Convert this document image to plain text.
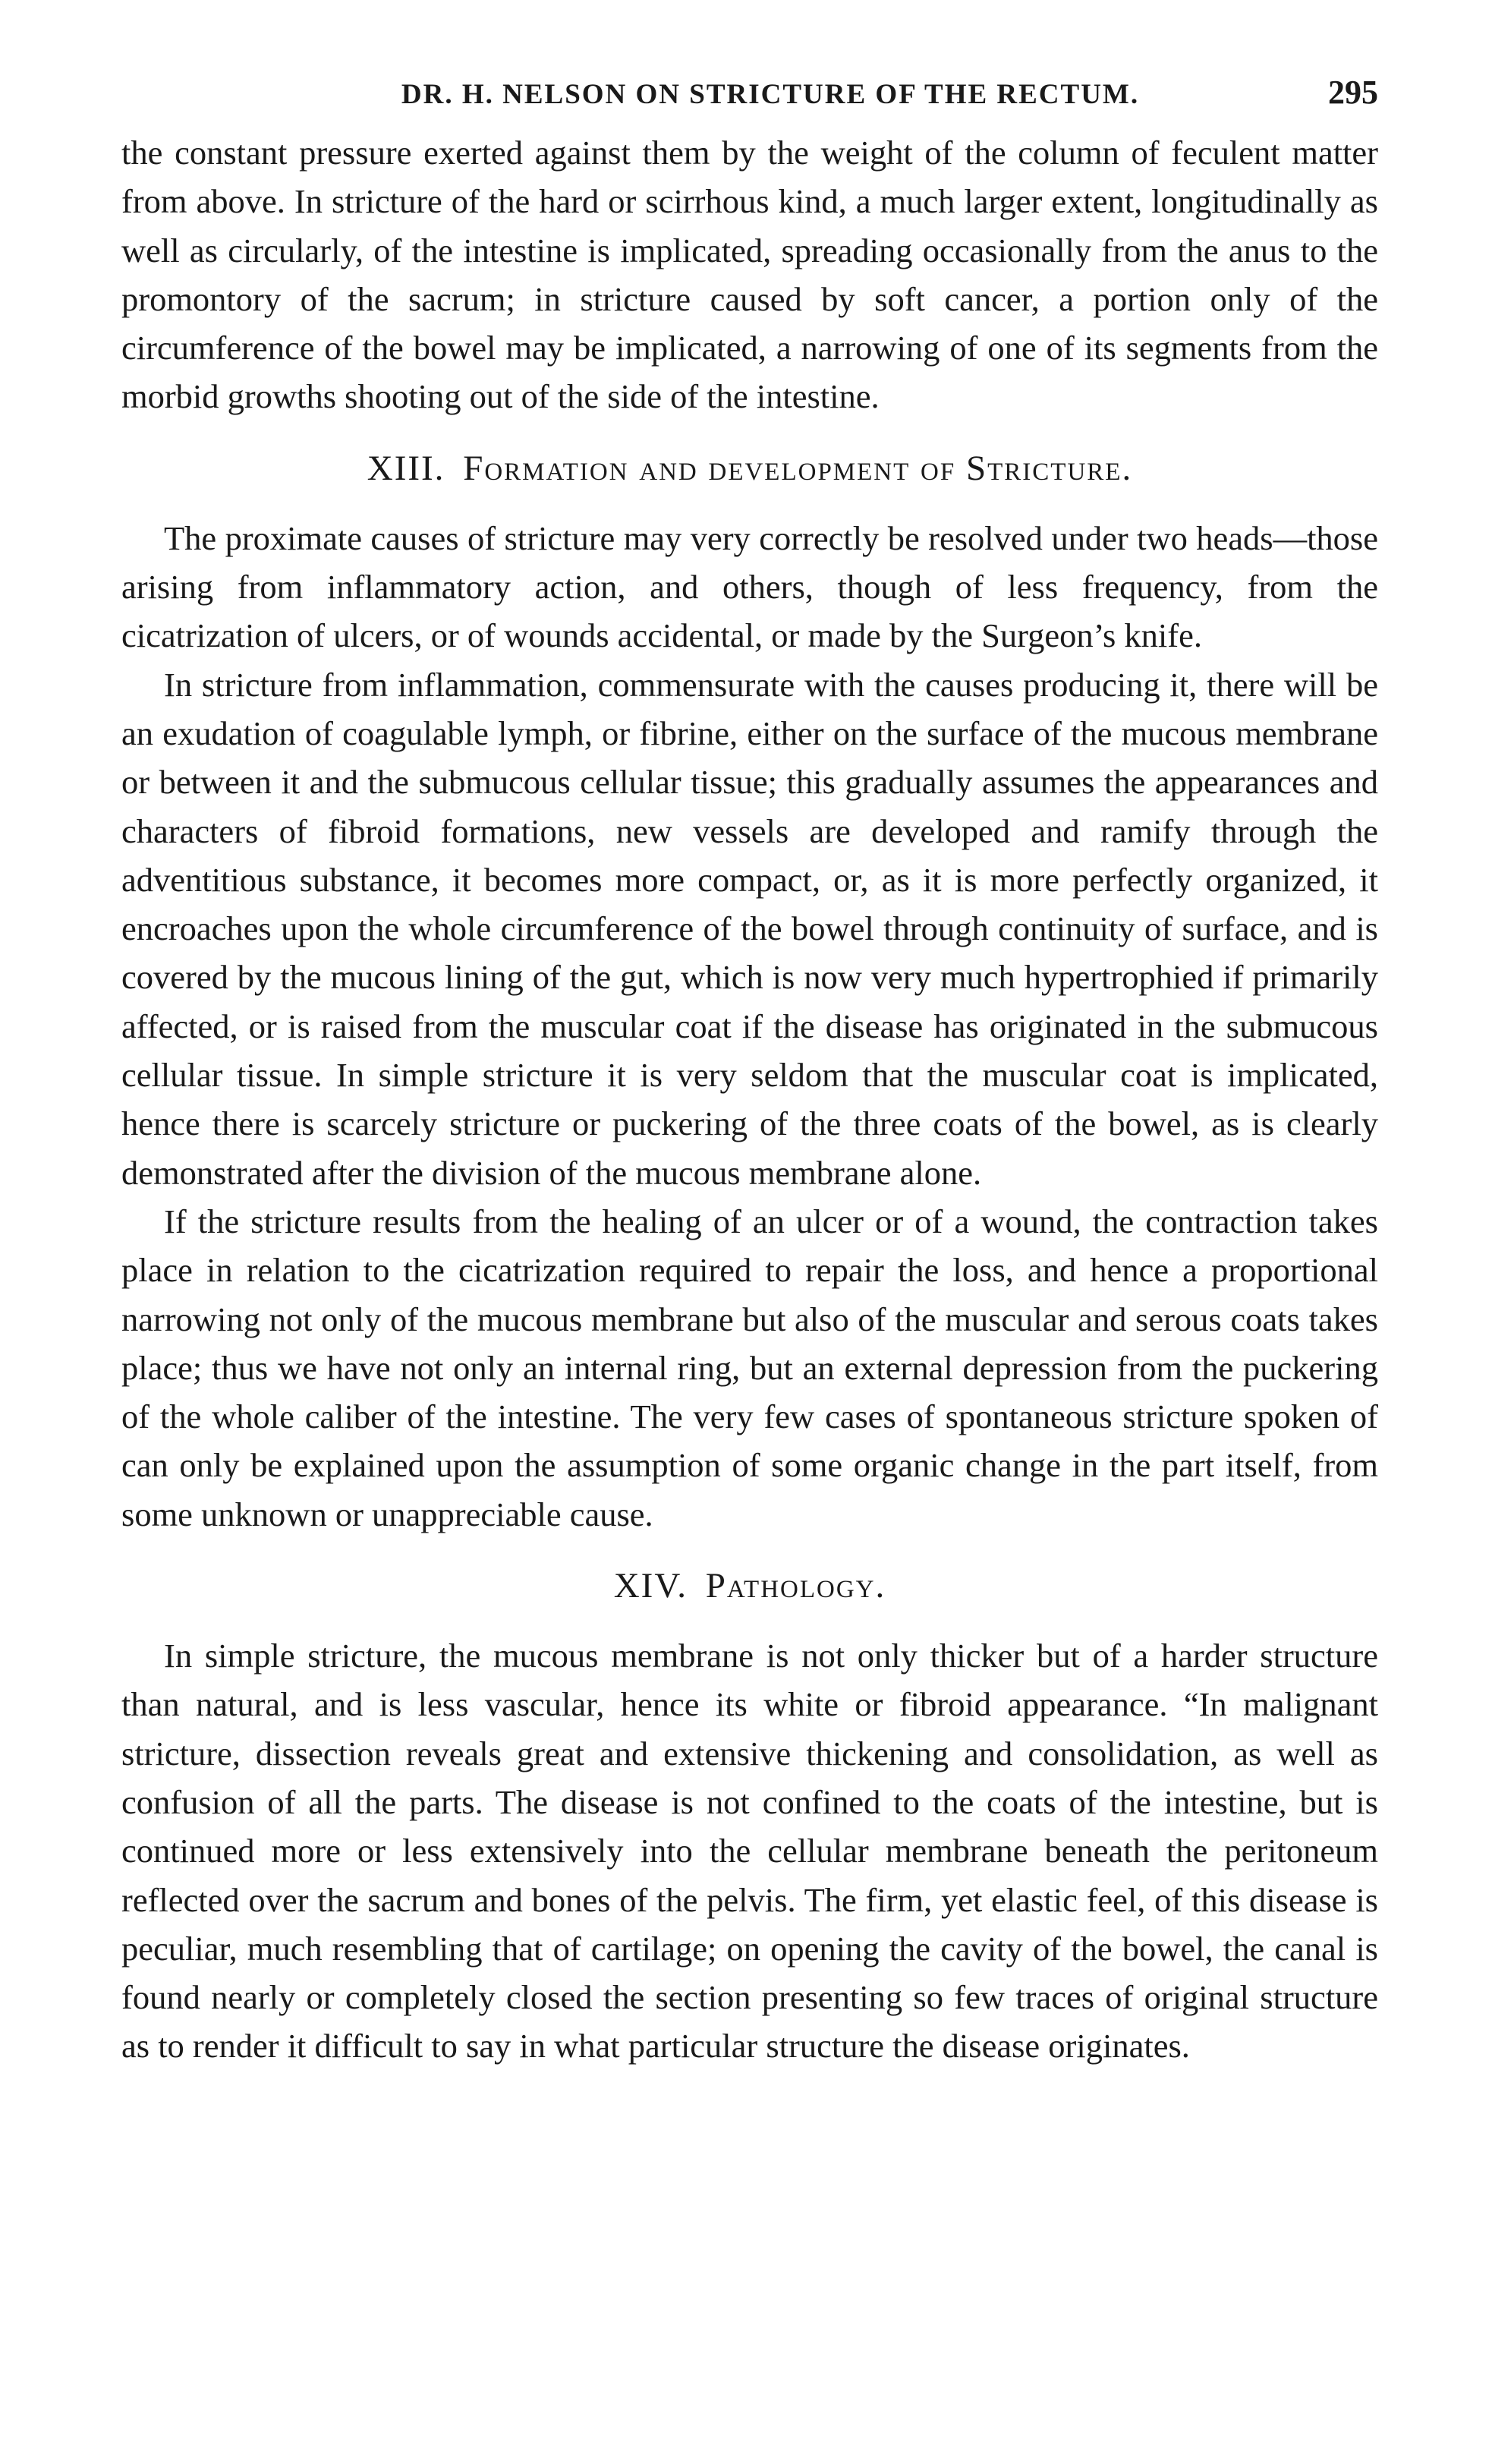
DR. H. NELSON ON STRICTURE OF THE RECTUM.	295

the constant pressure exerted against them by the weight of the column of feculent matter from above. In stricture of the hard or scirrhous kind, a much larger extent, longitudinally as well as circularly, of the intestine is implicated, spreading occasionally from the anus to the promontory of the sacrum; in stricture caused by soft cancer, a portion only of the circumference of the bowel may be implicated, a narrowing of one of its segments from the morbid growths shooting out of the side of the intestine.

XIII. Formation and development of Stricture.

The proximate causes of stricture may very correctly be resolved under two heads—those arising from inflammatory action, and others, though of less frequency, from the cicatrization of ulcers, or of wounds accidental, or made by the Surgeon’s knife.

In stricture from inflammation, commensurate with the causes producing it, there will be an exudation of coagulable lymph, or fibrine, either on the surface of the mucous membrane or between it and the submucous cellular tissue; this gradually assumes the appearances and characters of fibroid formations, new vessels are developed and ramify through the adventitious substance, it becomes more compact, or, as it is more perfectly organized, it encroaches upon the whole circumference of the bowel through continuity of surface, and is covered by the mucous lining of the gut, which is now very much hypertrophied if primarily affected, or is raised from the muscular coat if the disease has originated in the submucous cellular tissue. In simple stricture it is very seldom that the muscular coat is implicated, hence there is scarcely stricture or puckering of the three coats of the bowel, as is clearly demonstrated after the division of the mucous membrane alone.

If the stricture results from the healing of an ulcer or of a wound, the contraction takes place in relation to the cicatrization required to repair the loss, and hence a proportional narrowing not only of the mucous membrane but also of the muscular and serous coats takes place; thus we have not only an internal ring, but an external depression from the puckering of the whole caliber of the intestine. The very few cases of spontaneous stricture spoken of can only be explained upon the assumption of some organic change in the part itself, from some unknown or unappreciable cause.

XIV. Pathology.

In simple stricture, the mucous membrane is not only thicker but of a harder structure than natural, and is less vascular, hence its white or fibroid appearance. “In malignant stricture, dissection reveals great and extensive thickening and consolidation, as well as confusion of all the parts. The disease is not confined to the coats of the intestine, but is continued more or less extensively into the cellular membrane beneath the peritoneum reflected over the sacrum and bones of the pelvis. The firm, yet elastic feel, of this disease is peculiar, much resembling that of cartilage; on opening the cavity of the bowel, the canal is found nearly or completely closed the section presenting so few traces of original structure as to render it difficult to say in what particular structure the disease originates.
